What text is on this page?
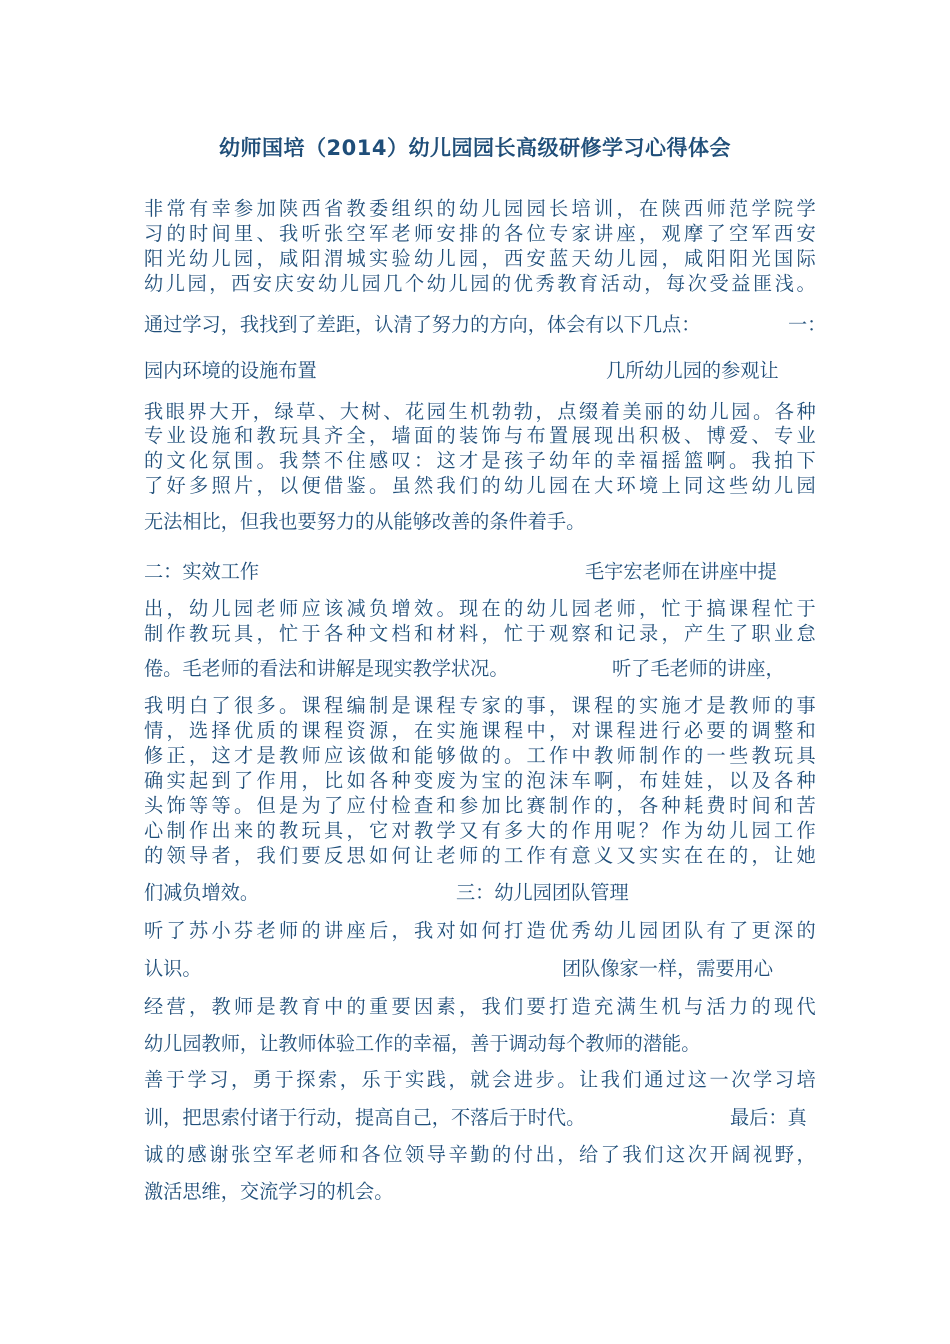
幼师国培（2014）幼儿园园长高级研修学习心得体会
非 常 有 幸 参 加 陕 西 省 教 委 组 织 的 幼 儿 园 园 长 培 训 ， 在 陕 西 师 范 学 院 学
习 的 时 间 里 、 我 听 张 空 军 老 师 安 排 的 各 位 专 家 讲 座 ， 观 摩 了 空 军 西 安
阳 光 幼 儿 园 ， 咸 阳 渭 城 实 验 幼 儿 园 ， 西 安 蓝 天 幼 儿 园 ， 咸 阳 阳 光 国 际
幼 儿 园 ， 西 安 庆 安 幼 儿 园 几 个 幼 儿 园 的 优 秀 教 育 活 动 ， 每 次 受 益 匪 浅 。
通过学习，我找到了差距，认清了努力的方向，体会有以下几点：	一：
园内环境的设施布置	几所幼儿园的参观让
我 眼 界 大 开 ， 绿 草 、 大 树 、 花 园 生 机 勃 勃 ， 点 缀 着 美 丽 的 幼 儿 园 。 各 种
专 业 设 施 和 教 玩 具 齐 全 ， 墙 面 的 装 饰 与 布 置 展 现 出 积 极 、 博 爱 、 专 业
的 文 化 氛 围 。 我 禁 不 住 感 叹 ： 这 才 是 孩 子 幼 年 的 幸 福 摇 篮 啊 。 我 拍 下
了 好 多 照 片 ， 以 便 借 鉴 。 虽 然 我 们 的 幼 儿 园 在 大 环 境 上 同 这 些 幼 儿 园
无法相比，但我也要努力的从能够改善的条件着手。
二：实效工作	毛宇宏老师在讲座中提
出 ， 幼 儿 园 老 师 应 该 减 负 增 效 。 现 在 的 幼 儿 园 老 师 ， 忙 于 搞 课 程 忙 于
制 作 教 玩 具 ， 忙 于 各 种 文 档 和 材 料 ， 忙 于 观 察 和 记 录 ， 产 生 了 职 业 怠
倦。毛老师的看法和讲解是现实教学状况。	听了毛老师的讲座，
我 明 白 了 很 多 。 课 程 编 制 是 课 程 专 家 的 事 ， 课 程 的 实 施 才 是 教 师 的 事
情 ， 选 择 优 质 的 课 程 资 源 ， 在 实 施 课 程 中 ， 对 课 程 进 行 必 要 的 调 整 和
修 正 ， 这 才 是 教 师 应 该 做 和 能 够 做 的 。 工 作 中 教 师 制 作 的 一 些 教 玩 具
确 实 起 到 了 作 用 ， 比 如 各 种 变 废 为 宝 的 泡 沫 车 啊 ， 布 娃 娃 ， 以 及 各 种
头 饰 等 等 。 但 是 为 了 应 付 检 查 和 参 加 比 赛 制 作 的 ， 各 种 耗 费 时 间 和 苦
心 制 作 出 来 的 教 玩 具 ， 它 对 教 学 又 有 多 大 的 作 用 呢 ？ 作 为 幼 儿 园 工 作
的 领 导 者 ， 我 们 要 反 思 如 何 让 老 师 的 工 作 有 意 义 又 实 实 在 在 的 ， 让 她
们减负增效。	三：幼儿园团队管理
听 了 苏 小 芬 老 师 的 讲 座 后 ， 我 对 如 何 打 造 优 秀 幼 儿 园 团 队 有 了 更 深 的
认识。	团队像家一样，需要用心
经 营 ， 教 师 是 教 育 中 的 重 要 因 素 ， 我 们 要 打 造 充 满 生 机 与 活 力 的 现 代
幼儿园教师，让教师体验工作的幸福，善于调动每个教师的潜能。
善 于 学 习 ， 勇 于 探 索 ， 乐 于 实 践 ， 就 会 进 步 。 让 我 们 通 过 这 一 次 学 习 培
训，把思索付诸于行动，提高自己，不落后于时代。	最后：真
诚 的 感 谢 张 空 军 老 师 和 各 位 领 导 辛 勤 的 付 出 ， 给 了 我 们 这 次 开 阔 视 野 ，
激活思维，交流学习的机会。
